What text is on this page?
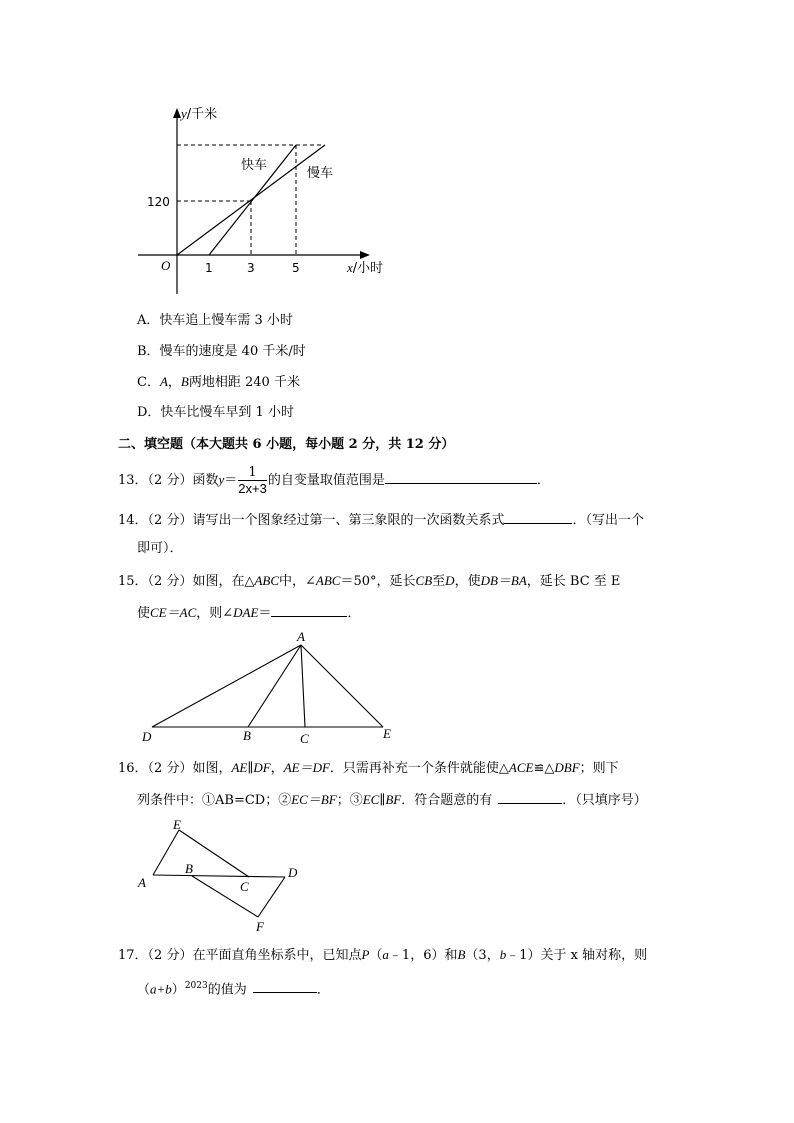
y/千米
x/小时
O
120
1	3	5
快车
慢车
A．快车追上慢车需 3 小时
B．慢车的速度是 40 千米/时
C．A，B两地相距 240 千米
D．快车比慢车早到 1 小时
二、填空题（本大题共 6 小题，每小题 2 分，共 12 分）
13．（2 分）函数$y= \frac{1}{2x+3}$ 的自变量取值范围是	．
14．（2 分）请写出一个图象经过第一、第三象限的一次函数关系式	．（写出一个
即可）．
15．（2 分）如图，在△ABC中，∠ABC＝50°，延长CB至D，使DB＝BA，延长 BC 至 E
使CE＝AC，则∠DAE＝	．
A
D	B	C	E
16．（2 分）如图，AE∥DF，AE＝DF．只需再补充一个条件就能使△ACE≌△DBF；则下
列条件中：①AB=CD；②EC＝BF；③EC∥BF．符合题意的有	．（只填序号）
E
A
B
C
D
F
17．（2 分）在平面直角坐标系中，已知点P（a﹣1，6）和B（3，b﹣1）关于 x 轴对称，则
$(a+b)^{2023}$的值为	．
